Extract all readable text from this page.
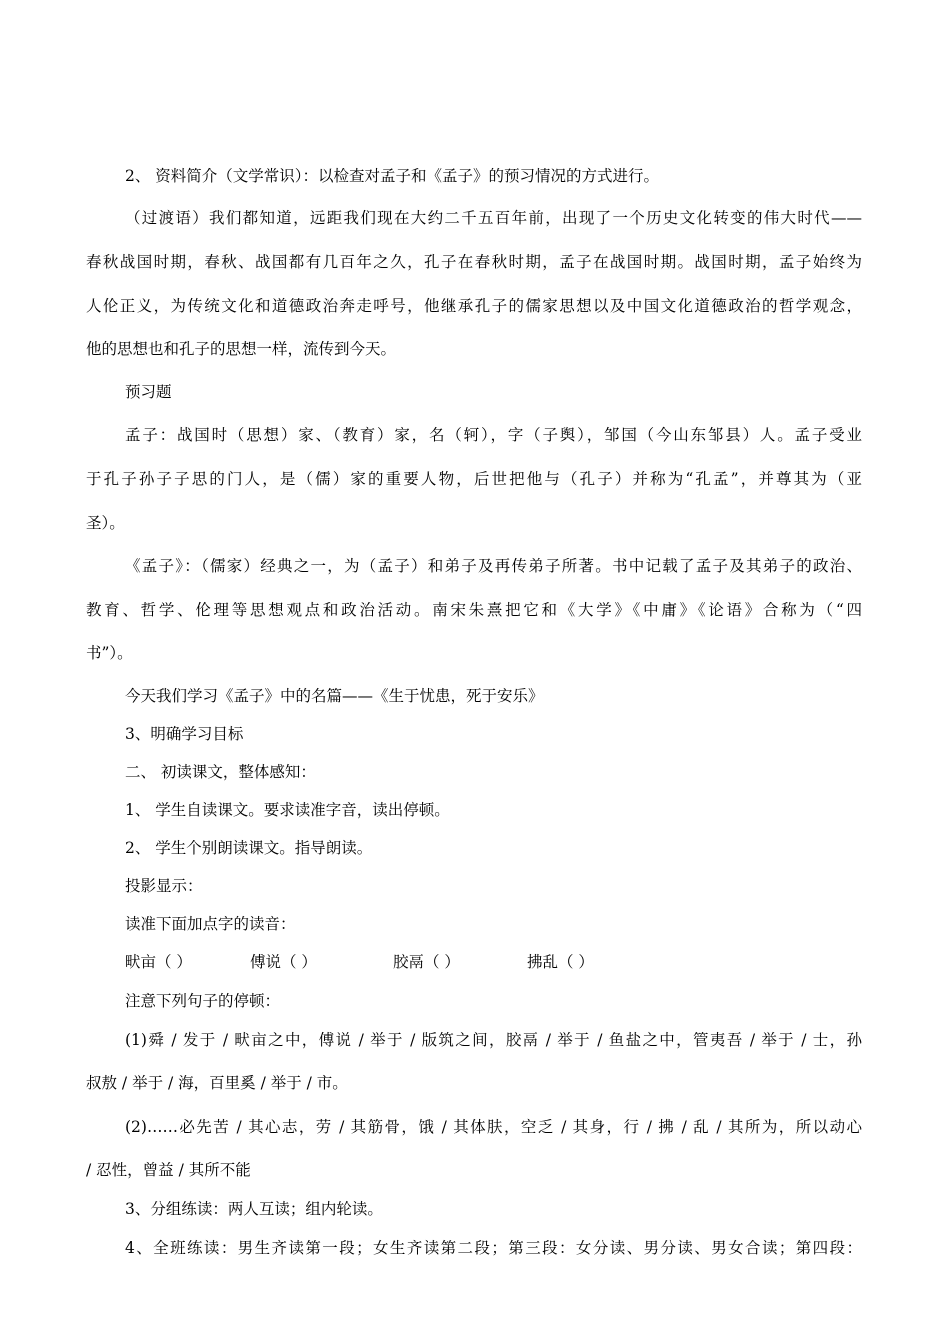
2、 资料简介（文学常识）：以检查对孟子和《孟子》的预习情况的方式进行。
（过渡语）我们都知道，远距我们现在大约二千五百年前，出现了一个历史文化转变的伟大时代——
春秋战国时期，春秋、战国都有几百年之久，孔子在春秋时期，孟子在战国时期。战国时期，孟子始终为
人伦正义，为传统文化和道德政治奔走呼号，他继承孔子的儒家思想以及中国文化道德政治的哲学观念，
他的思想也和孔子的思想一样，流传到今天。
预习题
孟子：战国时（思想）家、（教育）家，名（轲），字（子舆），邹国（今山东邹县）人。孟子受业
于孔子孙子子思的门人，是（儒）家的重要人物，后世把他与（孔子）并称为“孔孟”，并尊其为（亚
圣）。
《孟子》：（儒家）经典之一，为（孟子）和弟子及再传弟子所著。书中记载了孟子及其弟子的政治、
教育、哲学、伦理等思想观点和政治活动。南宋朱熹把它和《大学》《中庸》《论语》合称为（“四
书”）。
今天我们学习《孟子》中的名篇——《生于忧患，死于安乐》
3、明确学习目标
二、 初读课文，整体感知：
1、 学生自读课文。要求读准字音，读出停顿。
2、 学生个别朗读课文。指导朗读。
投影显示：
读准下面加点字的读音：
畎亩（ ）	傅说（ ）	胶鬲（ ）	拂乱（ ）
注意下列句子的停顿：
(1)舜 / 发于 / 畎亩之中，傅说 / 举于 / 版筑之间，胶鬲 / 举于 / 鱼盐之中，管夷吾 / 举于 / 士，孙
叔敖 / 举于 / 海，百里奚 / 举于 / 市。
(2)……必先苦 / 其心志，劳 / 其筋骨，饿 / 其体肤，空乏 / 其身，行 / 拂 / 乱 / 其所为，所以动心
/ 忍性，曾益 / 其所不能
3、分组练读：两人互读；组内轮读。
4、全班练读：男生齐读第一段；女生齐读第二段；第三段：女分读、男分读、男女合读；第四段：
